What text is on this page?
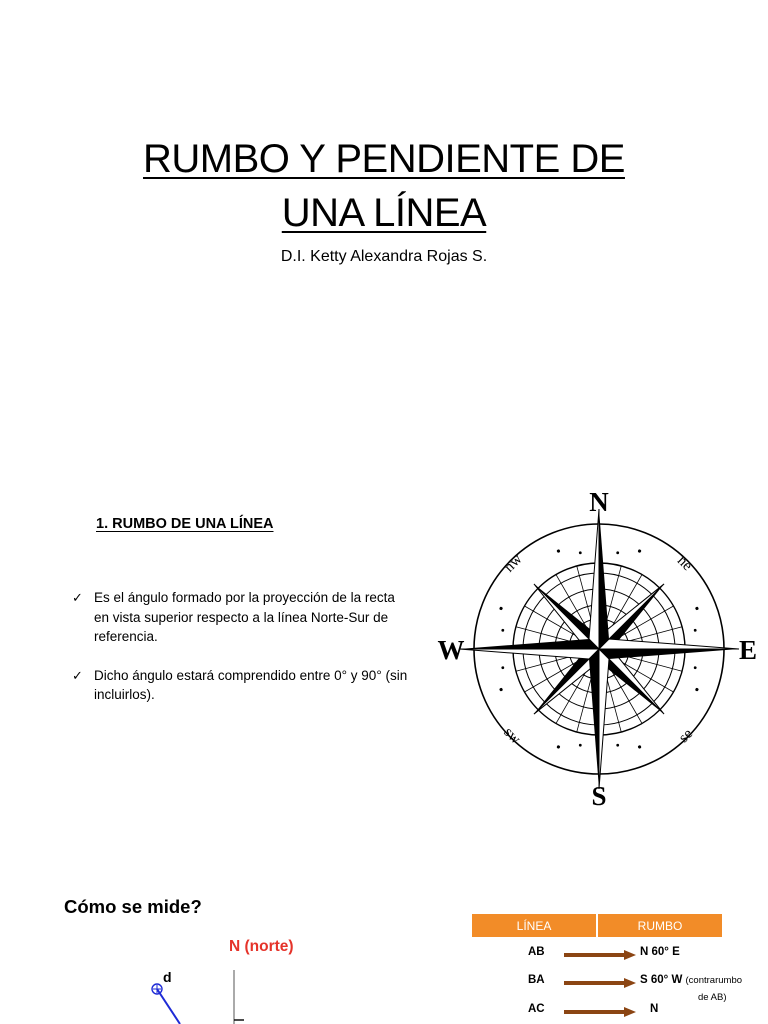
RUMBO Y PENDIENTE DE
UNA LÍNEA
D.I. Ketty Alexandra Rojas S.
1. RUMBO DE UNA LÍNEA
✓ Es el ángulo formado por la proyección de la recta en vista superior respecto a la línea Norte-Sur de referencia.
✓ Dicho ángulo estará comprendido entre 0° y 90° (sin incluirlos).
N
S
E
W
ne
nw
se
sw
Cómo se mide?
N (norte)
d
LÍNEA	RUMBO
AB	N 60° E
BA	S 60° W (contrarumbo
de AB)
AC	N
